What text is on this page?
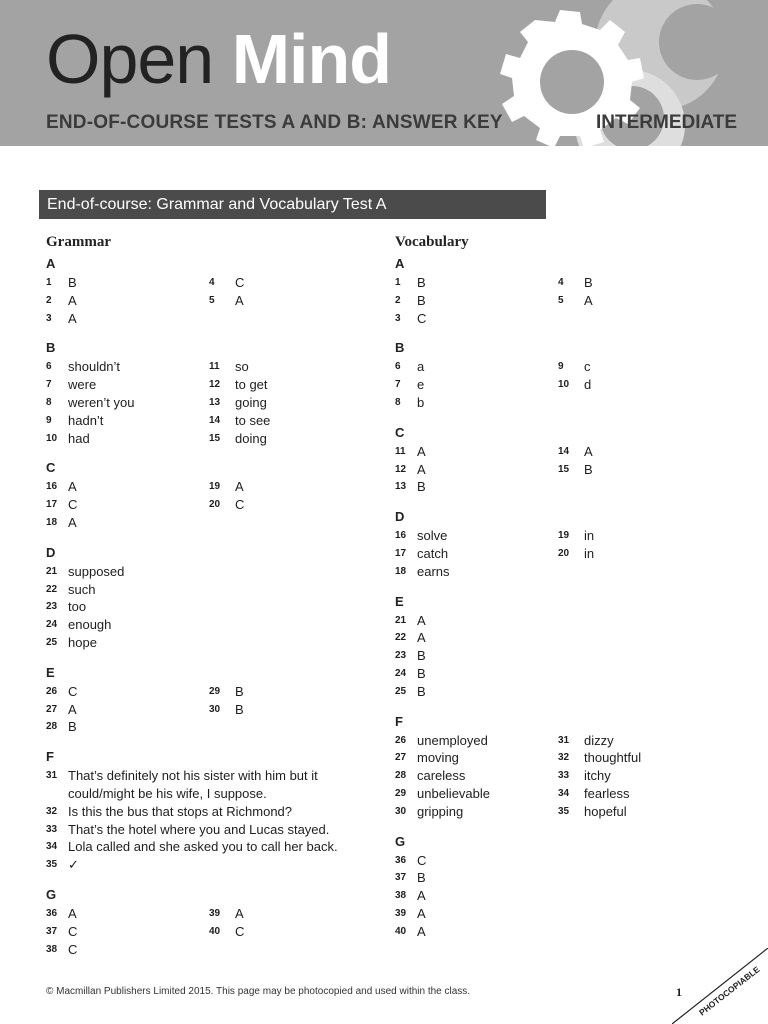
Open Mind
END-OF-COURSE TESTS A AND B: ANSWER KEY	INTERMEDIATE
End-of-course: Grammar and Vocabulary Test A
Grammar
A
1	B
2	A
3	A
4	C
5	A
B
6	shouldn’t
7	were
8	weren’t you
9	hadn’t
10 had
11 so
12 to get
13 going
14 to see
15 doing
C
16 A
17 C
18 A
19 A
20 C
D
21 supposed
22 such
23 too
24 enough
25 hope
E
26 C
27 A
28 B
29 B
30 B
F
31 That’s definitely not his sister with him but it
could/might be his wife, I suppose.
32 Is this the bus that stops at Richmond?
33 That’s the hotel where you and Lucas stayed.
34 Lola called and she asked you to call her back.
35 ✓
G
36 A
37 C
38 C
39 A
40 C
Vocabulary
A
1	B
2	B
3	C
4	B
5	A
B
6	a
7	e
8	b
9	c
10 d
C
11 A
12 A
13 B
14 A
15 B
D
16 solve
17 catch
18 earns
19 in
20 in
E
21 A
22 A
23 B
24 B
25 B
F
26 unemployed
27 moving
28 careless
29 unbelievable
30 gripping
31 dizzy
32 thoughtful
33 itchy
34 fearless
35 hopeful
G
36 C
37 B
38 A
39 A
40 A
© Macmillan Publishers Limited 2015. This page may be photocopied and used within the class.	1 PHOTOCOPIABLE
